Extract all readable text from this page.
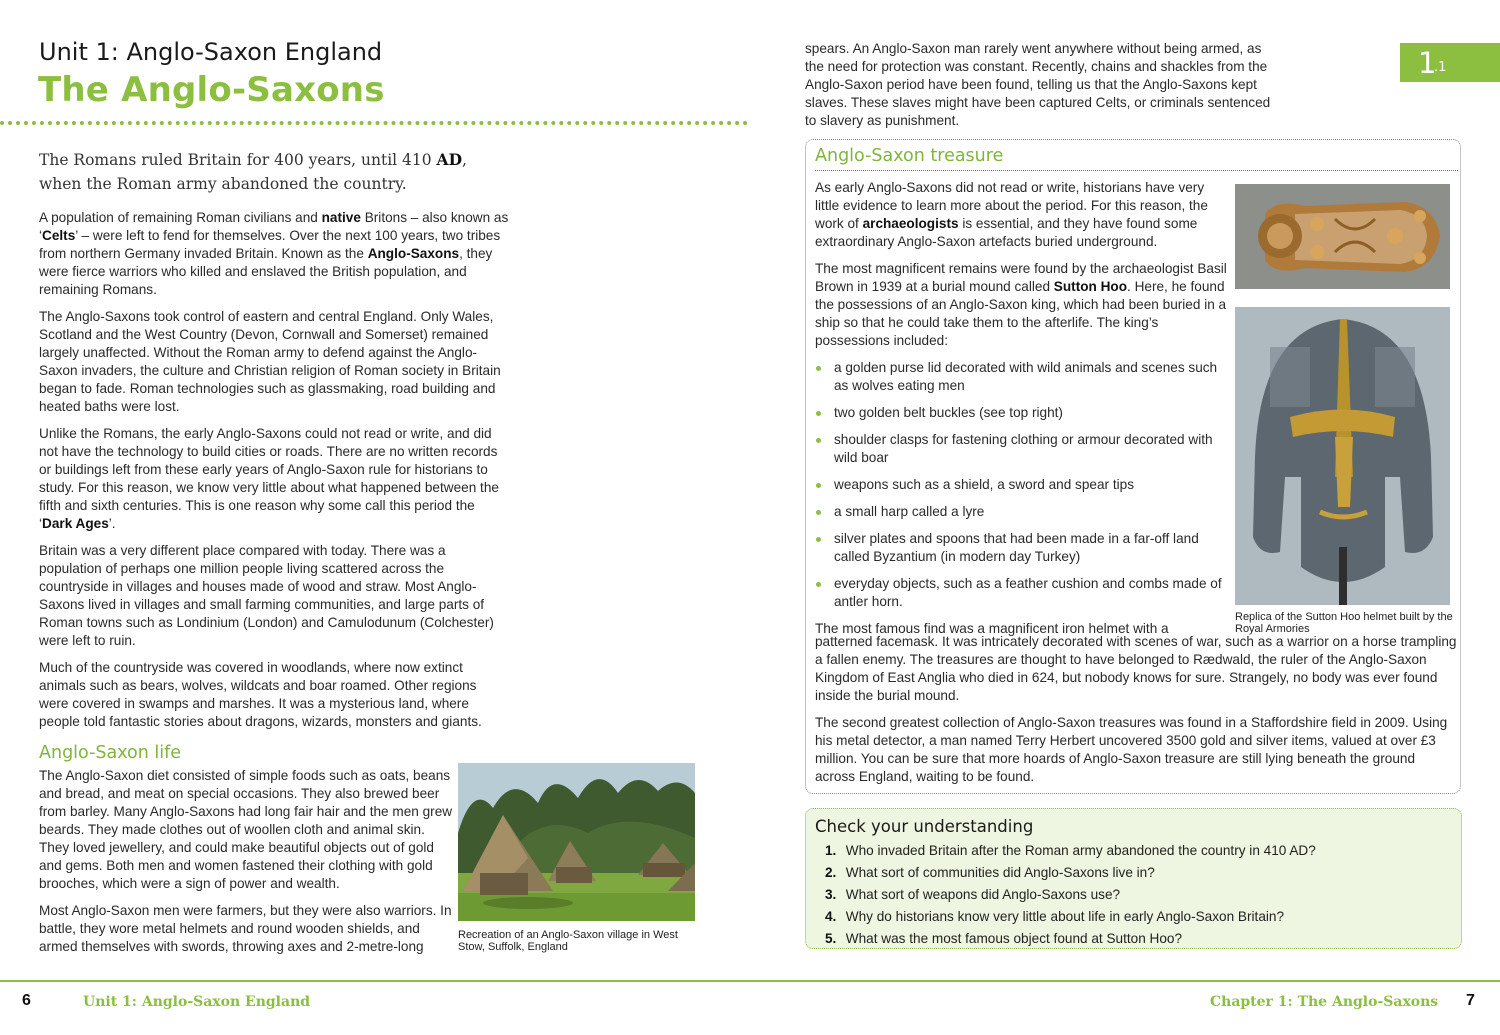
Unit 1: Anglo-Saxon England
The Anglo-Saxons
The Romans ruled Britain for 400 years, until 410 AD, when the Roman army abandoned the country.

A population of remaining Roman civilians and native Britons – also known as ‘Celts’ – were left to fend for themselves. Over the next 100 years, two tribes from northern Germany invaded Britain. Known as the Anglo-Saxons, they were fierce warriors who killed and enslaved the British population, and remaining Romans.

The Anglo-Saxons took control of eastern and central England. Only Wales, Scotland and the West Country (Devon, Cornwall and Somerset) remained largely unaffected. Without the Roman army to defend against the Anglo-Saxon invaders, the culture and Christian religion of Roman society in Britain began to fade. Roman technologies such as glassmaking, road building and heated baths were lost.

Unlike the Romans, the early Anglo-Saxons could not read or write, and did not have the technology to build cities or roads. There are no written records or buildings left from these early years of Anglo-Saxon rule for historians to study. For this reason, we know very little about what happened between the fifth and sixth centuries. This is one reason why some call this period the ‘Dark Ages’.

Britain was a very different place compared with today. There was a population of perhaps one million people living scattered across the countryside in villages and houses made of wood and straw. Most Anglo-Saxons lived in villages and small farming communities, and large parts of Roman towns such as Londinium (London) and Camulodunum (Colchester) were left to ruin.

Much of the countryside was covered in woodlands, where now extinct animals such as bears, wolves, wildcats and boar roamed. Other regions were covered in swamps and marshes. It was a mysterious land, where people told fantastic stories about dragons, wizards, monsters and giants.

Anglo-Saxon life

The Anglo-Saxon diet consisted of simple foods such as oats, beans and bread, and meat on special occasions. They also brewed beer from barley. Many Anglo-Saxons had long fair hair and the men grew beards. They made clothes out of woollen cloth and animal skin. They loved jewellery, and could make beautiful objects out of gold and gems. Both men and women fastened their clothing with gold brooches, which were a sign of power and wealth.

Most Anglo-Saxon men were farmers, but they were also warriors. In battle, they wore metal helmets and round wooden shields, and armed themselves with swords, throwing axes and 2-metre-long

Recreation of an Anglo-Saxon village in West Stow, Suffolk, England
spears. An Anglo-Saxon man rarely went anywhere without being armed, as the need for protection was constant. Recently, chains and shackles from the Anglo-Saxon period have been found, telling us that the Anglo-Saxons kept slaves. These slaves might have been captured Celts, or criminals sentenced to slavery as punishment.
1
.1
Anglo-Saxon treasure

As early Anglo-Saxons did not read or write, historians have very little evidence to learn more about the period. For this reason, the work of archaeologists is essential, and they have found some extraordinary Anglo-Saxon artefacts buried underground.

The most magnificent remains were found by the archaeologist Basil Brown in 1939 at a burial mound called Sutton Hoo. Here, he found the possessions of an Anglo-Saxon king, which had been buried in a ship so that he could take them to the afterlife. The king’s possessions included:

a golden purse lid decorated with wild animals and scenes such as wolves eating men
two golden belt buckles (see top right)
shoulder clasps for fastening clothing or armour decorated with wild boar
weapons such as a shield, a sword and spear tips
a small harp called a lyre
silver plates and spoons that had been made in a far-off land called Byzantium (in modern day Turkey)
everyday objects, such as a feather cushion and combs made of antler horn.

The most famous find was a magnificent iron helmet with a

patterned facemask. It was intricately decorated with scenes of war, such as a warrior on a horse trampling a fallen enemy. The treasures are thought to have belonged to Rædwald, the ruler of the Anglo-Saxon Kingdom of East Anglia who died in 624, but nobody knows for sure. Strangely, no body was ever found inside the burial mound.

The second greatest collection of Anglo-Saxon treasures was found in a Staffordshire field in 2009. Using his metal detector, a man named Terry Herbert uncovered 3500 gold and silver items, valued at over £3 million. You can be sure that more hoards of Anglo-Saxon treasure are still lying beneath the ground across England, waiting to be found.

Replica of the Sutton Hoo helmet built by the Royal Armories
Check your understanding
1. Who invaded Britain after the Roman army abandoned the country in 410 AD?
2. What sort of communities did Anglo-Saxons live in?
3. What sort of weapons did Anglo-Saxons use?
4. Why do historians know very little about life in early Anglo-Saxon Britain?
5. What was the most famous object found at Sutton Hoo?
6	Unit 1: Anglo-Saxon England	Chapter 1: The Anglo-Saxons 7
